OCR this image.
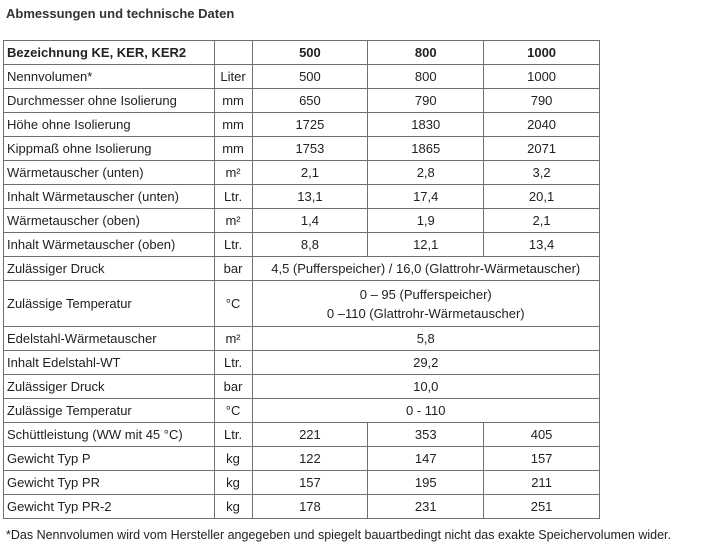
Abmessungen und technische Daten
Bezeichnung KE, KER, KER2		500	800	1000
Nennvolumen*	Liter	500	800	1000
Durchmesser ohne Isolierung	mm	650	790	790
Höhe ohne Isolierung	mm	1725	1830	2040
Kippmaß ohne Isolierung	mm	1753	1865	2071
Wärmetauscher (unten)	m²	2,1	2,8	3,2
Inhalt Wärmetauscher (unten)	Ltr.	13,1	17,4	20,1
Wärmetauscher (oben)	m²	1,4	1,9	2,1
Inhalt Wärmetauscher (oben)	Ltr.	8,8	12,1	13,4
Zulässiger Druck	bar	4,5 (Pufferspeicher) / 16,0 (Glattrohr-Wärmetauscher)		
Zulässige Temperatur	°C	0 – 95 (Pufferspeicher)
0 –110 (Glattrohr-Wärmetauscher)		

Edelstahl-Wärmetauscher	m²	5,8		
Inhalt Edelstahl-WT	Ltr.	29,2		
Zulässiger Druck	bar	10,0		
Zulässige Temperatur	°C	0 - 110		
Schüttleistung (WW mit 45 °C)	Ltr.	221	353	405
Gewicht Typ P	kg	122	147	157
Gewicht Typ PR	kg	157	195	211
Gewicht Typ PR-2	kg	178	231	251
*Das Nennvolumen wird vom Hersteller angegeben und spiegelt bauartbedingt nicht das exakte Speichervolumen wider.
